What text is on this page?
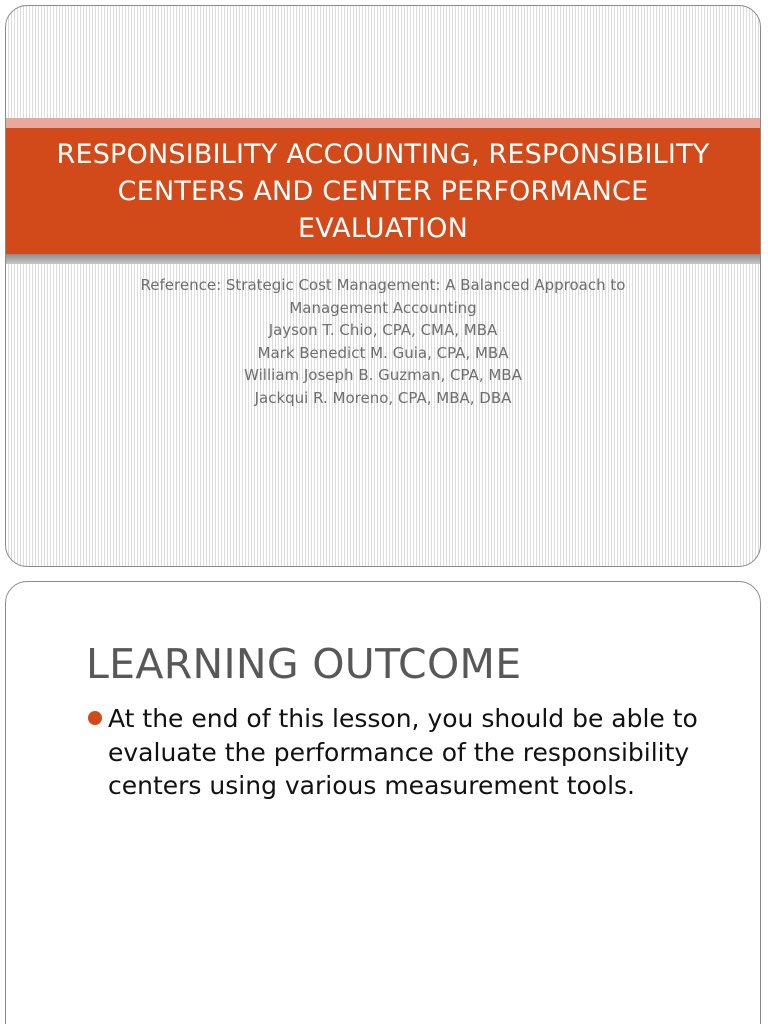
RESPONSIBILITY ACCOUNTING, RESPONSIBILITY CENTERS AND CENTER PERFORMANCE EVALUATION
Reference: Strategic Cost Management: A Balanced Approach to Management Accounting
Jayson T. Chio, CPA, CMA, MBA
Mark Benedict M. Guia, CPA, MBA
William Joseph B. Guzman, CPA, MBA
Jackqui R. Moreno, CPA, MBA, DBA
LEARNING OUTCOME
At the end of this lesson, you should be able to evaluate the performance of the responsibility centers using various measurement tools.
